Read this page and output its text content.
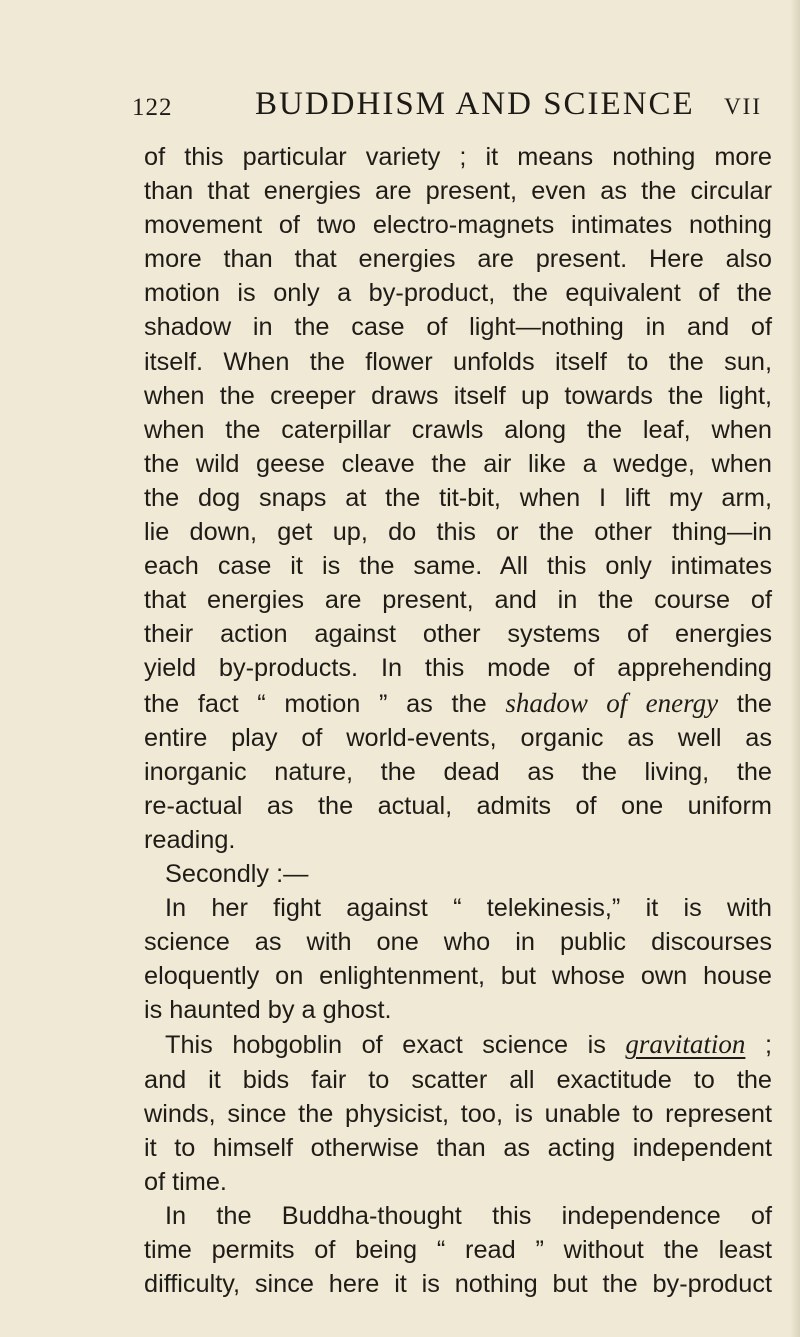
122	BUDDHISM AND SCIENCE VII
of this particular variety ; it means nothing more
than that energies are present, even as the circular
movement of two electro-magnets intimates nothing
more than that energies are present. Here also
motion is only a by-product, the equivalent of the
shadow in the case of light—nothing in and of
itself. When the flower unfolds itself to the sun,
when the creeper draws itself up towards the light,
when the caterpillar crawls along the leaf, when
the wild geese cleave the air like a wedge, when
the dog snaps at the tit-bit, when I lift my arm,
lie down, get up, do this or the other thing—in
each case it is the same. All this only intimates
that energies are present, and in the course of
their action against other systems of energies
yield by-products. In this mode of apprehending
the fact “ motion ” as the shadow of energy the
entire play of world-events, organic as well as
inorganic nature, the dead as the living, the
re-actual as the actual, admits of one uniform
reading.
Secondly :—
In her fight against “ telekinesis,” it is with
science as with one who in public discourses
eloquently on enlightenment, but whose own house
is haunted by a ghost.
This hobgoblin of exact science is gravitation ;
and it bids fair to scatter all exactitude to the
winds, since the physicist, too, is unable to represent
it to himself otherwise than as acting independent
of time.
In the Buddha-thought this independence of
time permits of being “ read ” without the least
difficulty, since here it is nothing but the by-product
